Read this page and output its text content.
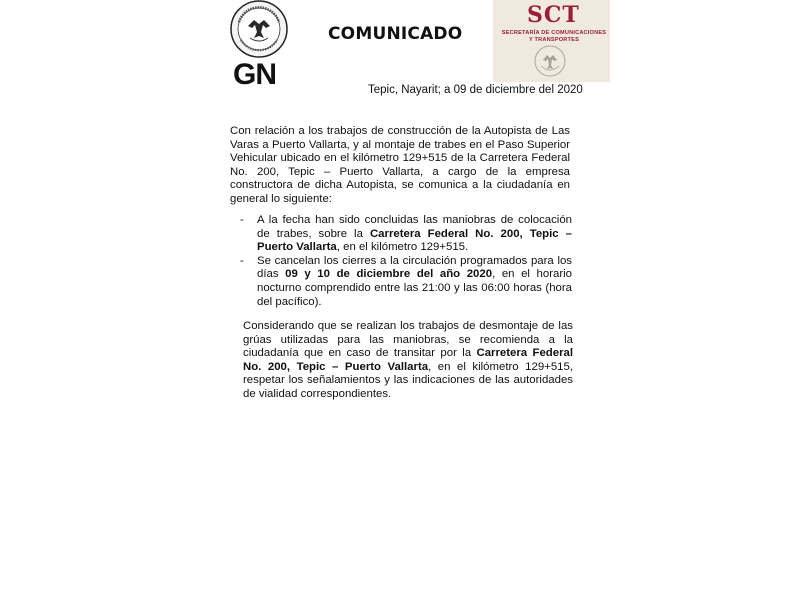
GN
COMUNICADO
SCT
SECRETARÍA DE COMUNICACIONES Y TRANSPORTES
Tepic, Nayarit; a 09 de diciembre del 2020
Con relación a los trabajos de construcción de la Autopista de Las Varas a Puerto Vallarta, y al montaje de trabes en el Paso Superior Vehicular ubicado en el kilómetro 129+515 de la Carretera Federal No. 200, Tepic – Puerto Vallarta, a cargo de la empresa constructora de dicha Autopista, se comunica a la ciudadanía en general lo siguiente:
- A la fecha han sido concluidas las maniobras de colocación de trabes, sobre la Carretera Federal No. 200, Tepic – Puerto Vallarta, en el kilómetro 129+515.
- Se cancelan los cierres a la circulación programados para los días 09 y 10 de diciembre del año 2020, en el horario nocturno comprendido entre las 21:00 y las 06:00 horas (hora del pacífico).
Considerando que se realizan los trabajos de desmontaje de las grúas utilizadas para las maniobras, se recomienda a la ciudadanía que en caso de transitar por la Carretera Federal No. 200, Tepic – Puerto Vallarta, en el kilómetro 129+515, respetar los señalamientos y las indicaciones de las autoridades de vialidad correspondientes.
